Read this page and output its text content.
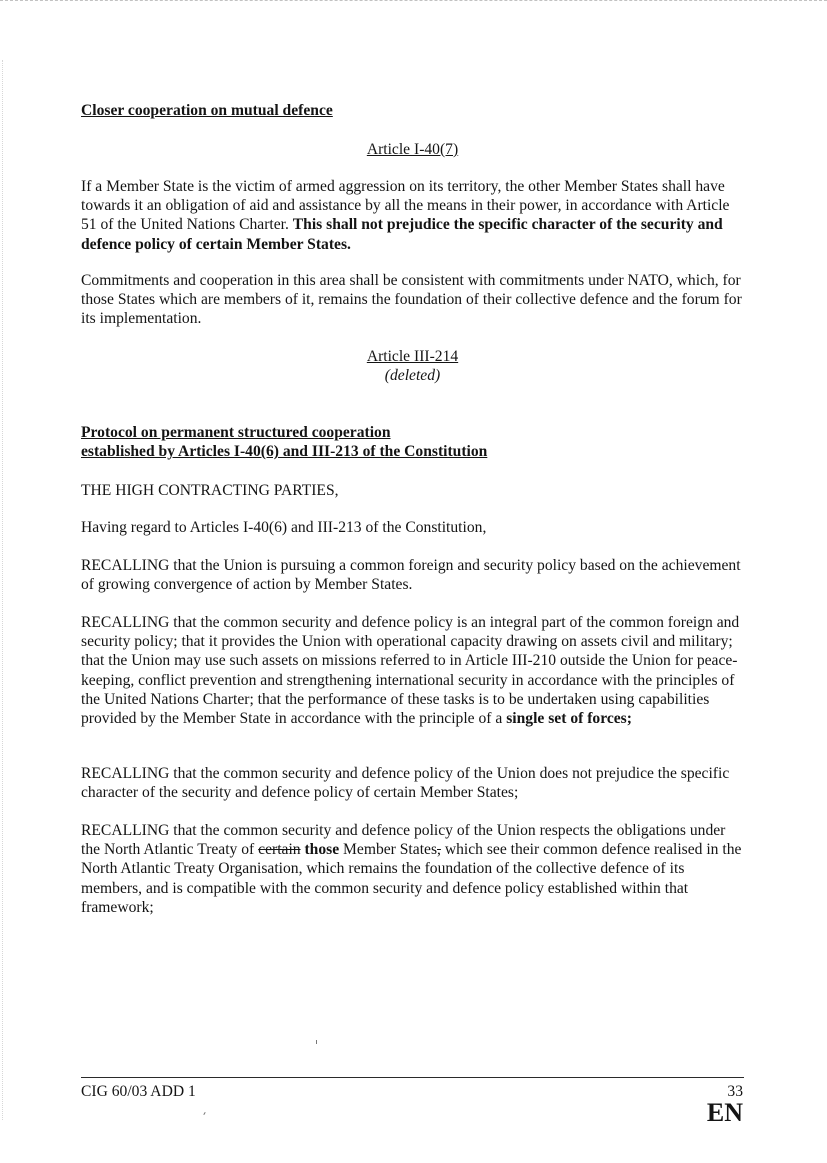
Closer cooperation on mutual defence
Article I-40(7)
If a Member State is the victim of armed aggression on its territory, the other Member States shall have towards it an obligation of aid and assistance by all the means in their power, in accordance with Article 51 of the United Nations Charter. This shall not prejudice the specific character of the security and defence policy of certain Member States.
Commitments and cooperation in this area shall be consistent with commitments under NATO, which, for those States which are members of it, remains the foundation of their collective defence and the forum for its implementation.
Article III-214
(deleted)
Protocol on permanent structured cooperation
established by Articles I-40(6) and III-213 of the Constitution
THE HIGH CONTRACTING PARTIES,
Having regard to Articles I-40(6) and III-213 of the Constitution,
RECALLING that the Union is pursuing a common foreign and security policy based on the achievement of growing convergence of action by Member States.
RECALLING that the common security and defence policy is an integral part of the common foreign and security policy; that it provides the Union with operational capacity drawing on assets civil and military; that the Union may use such assets on missions referred to in Article III-210 outside the Union for peace-keeping, conflict prevention and strengthening international security in accordance with the principles of the United Nations Charter; that the performance of these tasks is to be undertaken using capabilities provided by the Member State in accordance with the principle of a single set of forces;
RECALLING that the common security and defence policy of the Union does not prejudice the specific character of the security and defence policy of certain Member States;
RECALLING that the common security and defence policy of the Union respects the obligations under the North Atlantic Treaty of certain those Member States, which see their common defence realised in the North Atlantic Treaty Organisation, which remains the foundation of the collective defence of its members, and is compatible with the common security and defence policy established within that framework;
CIG 60/03 ADD 1	33
EN
